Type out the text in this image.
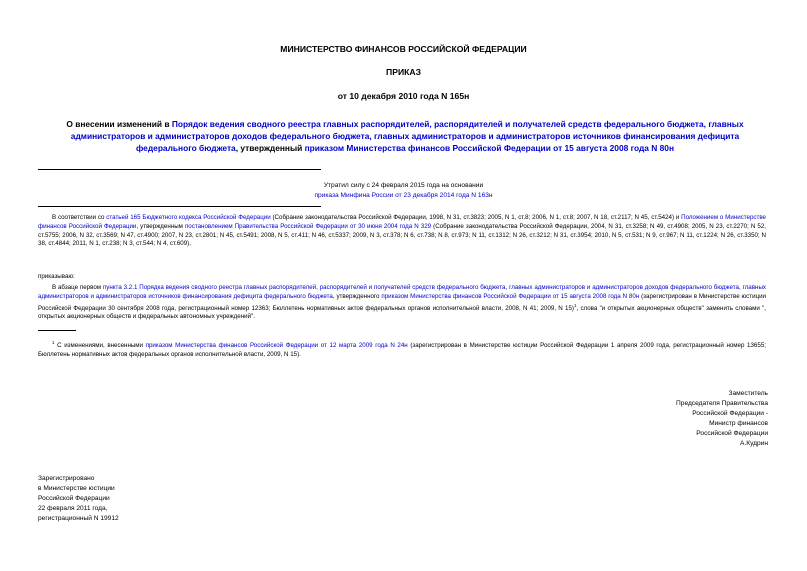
МИНИСТЕРСТВО ФИНАНСОВ РОССИЙСКОЙ ФЕДЕРАЦИИ
ПРИКАЗ
от 10 декабря 2010 года N 165н
О внесении изменений в Порядок ведения сводного реестра главных распорядителей, распорядителей и получателей средств федерального бюджета, главных администраторов и администраторов доходов федерального бюджета, главных администраторов и администраторов источников финансирования дефицита федерального бюджета, утвержденный приказом Министерства финансов Российской Федерации от 15 августа 2008 года N 80н
Утратил силу с 24 февраля 2015 года на основании
приказа Минфина России от 23 декабря 2014 года N 163н
В соответствии со статьей 165 Бюджетного кодекса Российской Федерации (Собрание законодательства Российской Федерации, 1998, N 31, ст.3823; 2005, N 1, ст.8; 2006, N 1, ст.8; 2007, N 18, ст.2117; N 45, ст.5424) и Положением о Министерстве финансов Российской Федерации, утвержденным постановлением Правительства Российской Федерации от 30 июня 2004 года N 329 (Собрание законодательства Российской Федерации, 2004, N 31, ст.3258; N 49, ст.4908; 2005, N 23, ст.2270; N 52, ст.5755; 2006, N 32, ст.3569; N 47, ст.4900; 2007, N 23, ст.2801; N 45, ст.5491; 2008, N 5, ст.411; N 46, ст.5337; 2009, N 3, ст.378; N 6, ст.738; N 8, ст.973; N 11, ст.1312; N 26, ст.3212; N 31, ст.3954; 2010, N 5, ст.531; N 9, ст.967; N 11, ст.1224; N 26, ст.3350; N 38, ст.4844; 2011, N 1, ст.238; N 3, ст.544; N 4, ст.609),
приказываю:
В абзаце первом пункта 3.2.1 Порядка ведения сводного реестра главных распорядителей, распорядителей и получателей средств федерального бюджета, главных администраторов и администраторов доходов федерального бюджета, главных администраторов и администраторов источников финансирования дефицита федерального бюджета, утвержденного приказом Министерства финансов Российской Федерации от 15 августа 2008 года N 80н (зарегистрирован в Министерстве юстиции Российской Федерации 30 сентября 2008 года, регистрационный номер 12363; Бюллетень нормативных актов федеральных органов исполнительной власти, 2008, N 41; 2009, N 15)$^1$, слова "и открытых акционерных обществ" заменить словами ", открытых акционерных обществ и федеральных автономных учреждений".
$^1$ С изменениями, внесенными приказом Министерства финансов Российской Федерации от 12 марта 2009 года N 24н (зарегистрирован в Министерстве юстиции Российской Федерации 1 апреля 2009 года, регистрационный номер 13655; Бюллетень нормативных актов федеральных органов исполнительной власти, 2009, N 15).
Заместитель
Председателя Правительства
Российской Федерации -
Министр финансов
Российской Федерации
А.Кудрин
Зарегистрировано
в Министерстве юстиции
Российской Федерации
22 февраля 2011 года,
регистрационный N 19912
